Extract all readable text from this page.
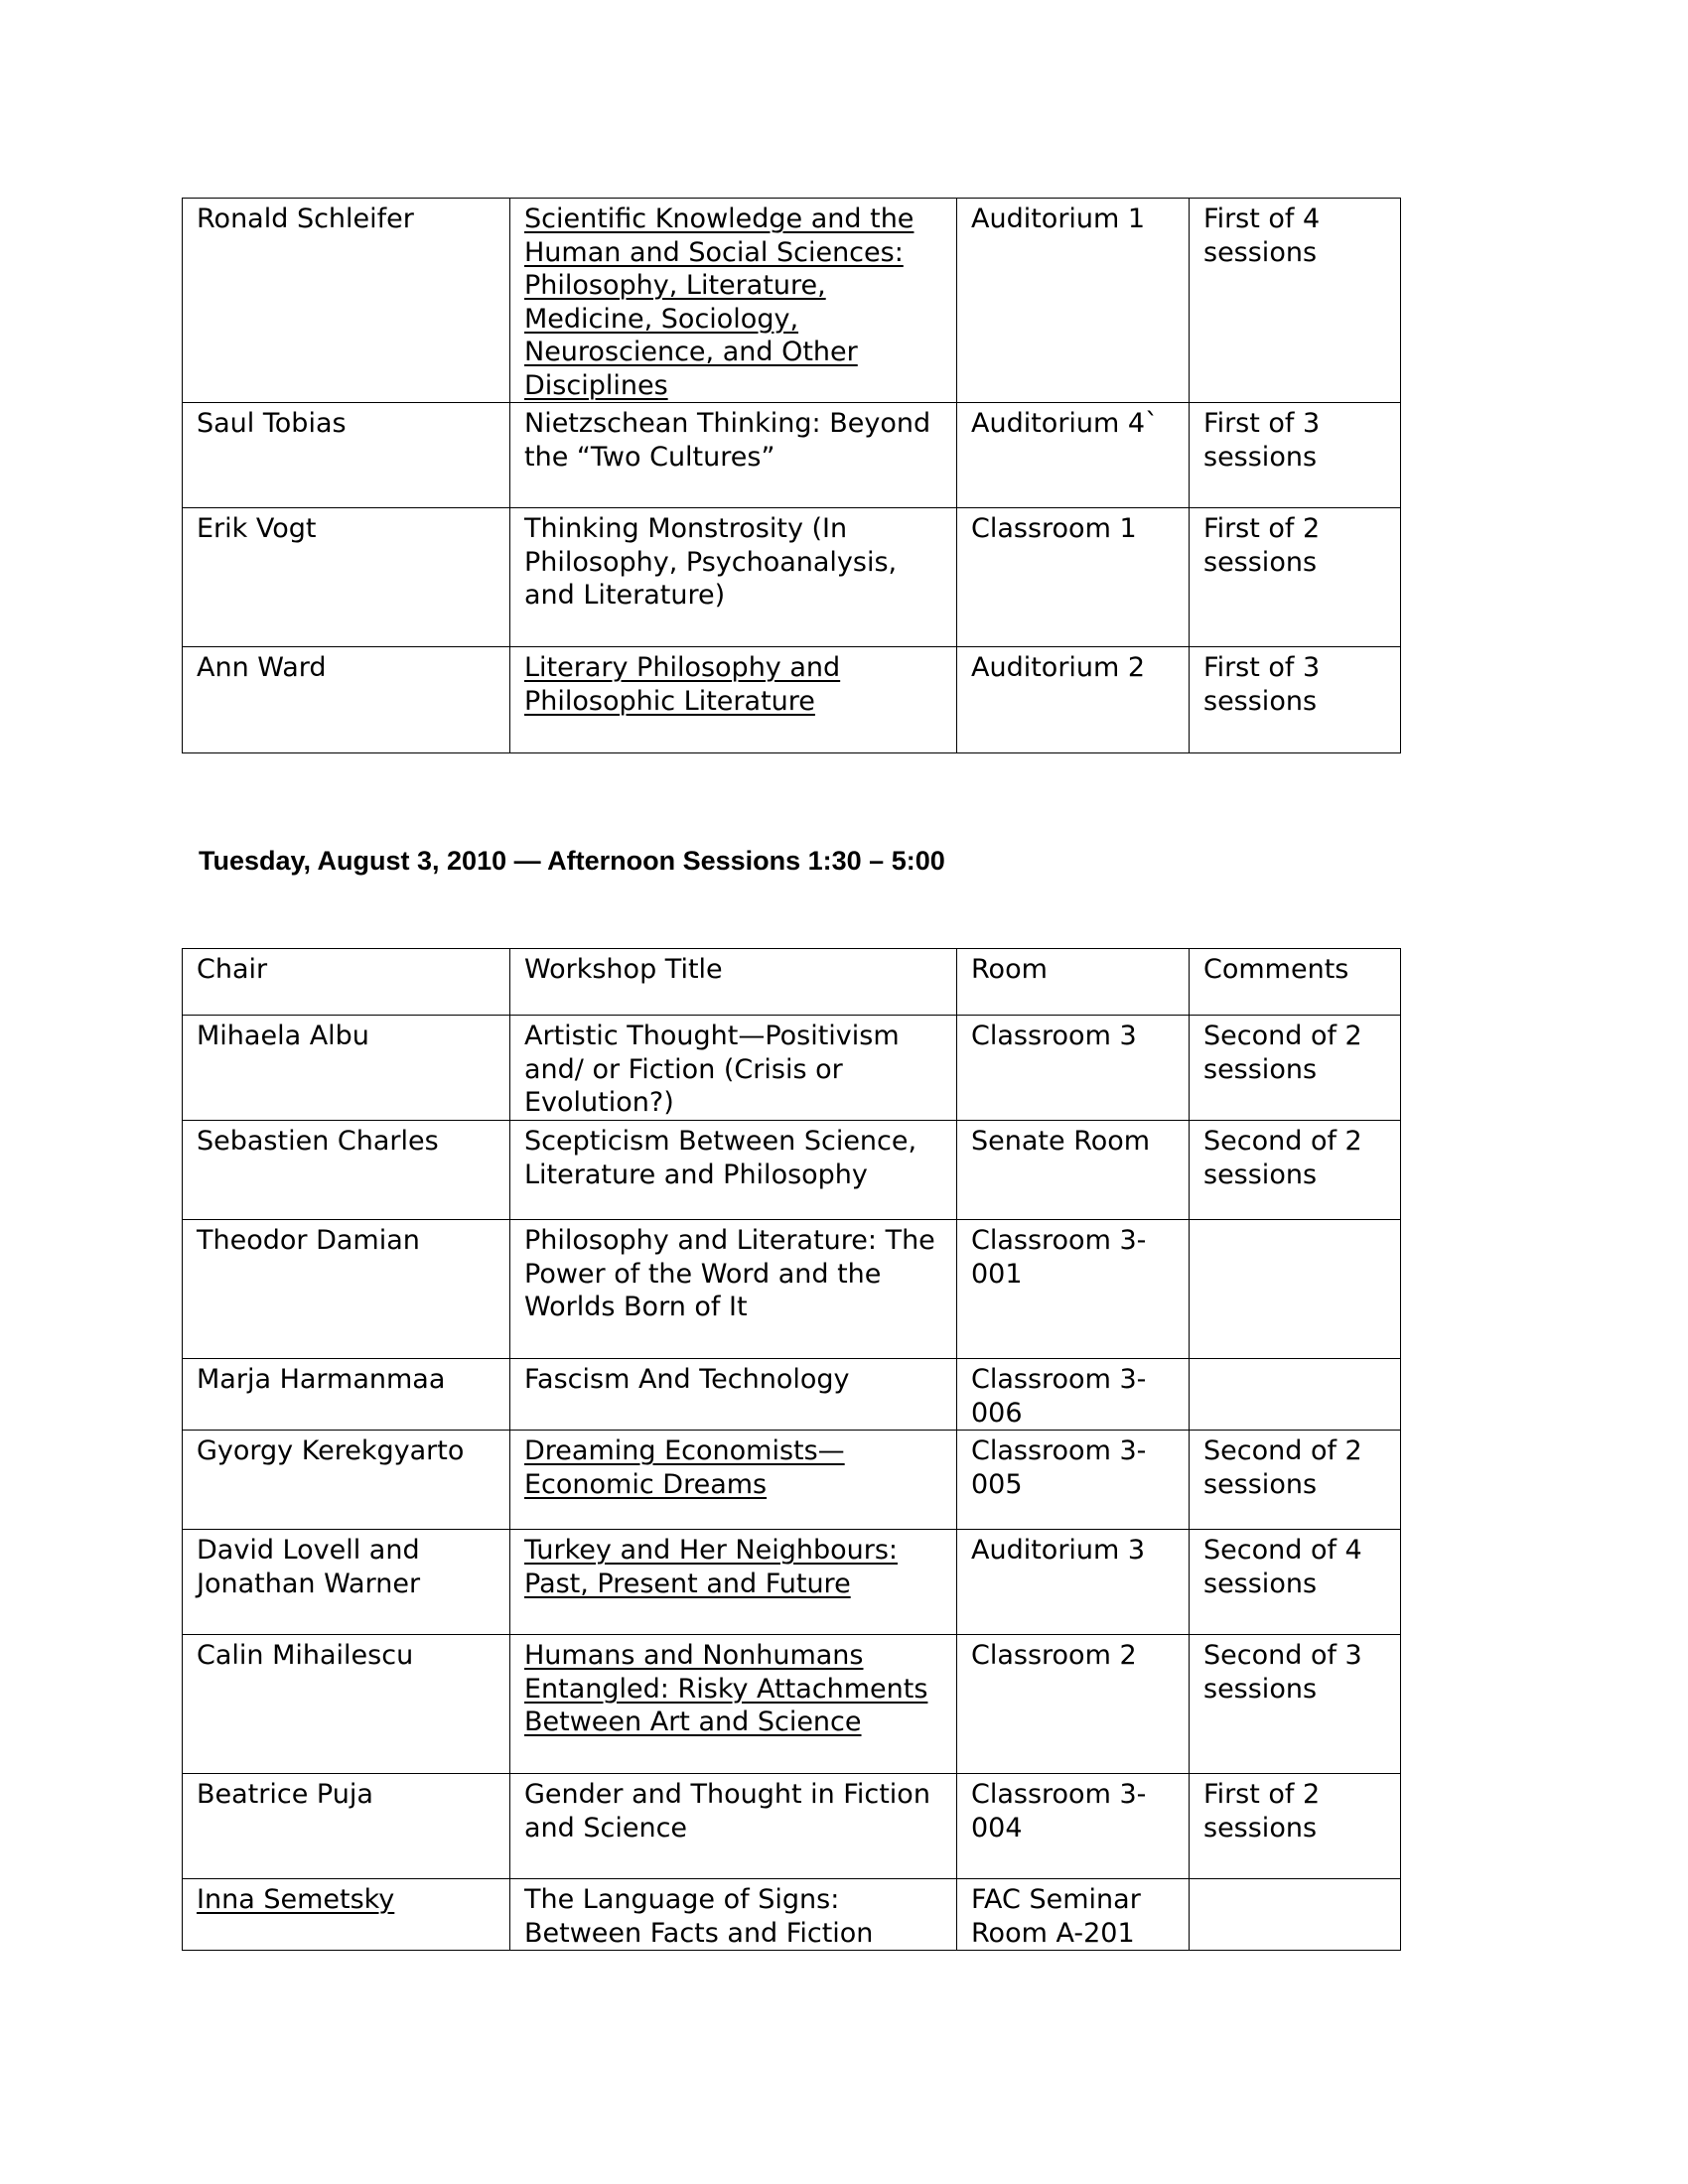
Ronald Schleifer	Scientific Knowledge and the Human and Social Sciences: Philosophy, Literature, Medicine, Sociology, Neuroscience, and Other Disciplines	Auditorium 1	First of 4 sessions
Saul Tobias	Nietzschean Thinking: Beyond the “Two Cultures”	Auditorium 4`	First of 3 sessions
Erik Vogt	Thinking Monstrosity (In Philosophy, Psychoanalysis, and Literature)	Classroom 1	First of 2 sessions
Ann Ward	Literary Philosophy and Philosophic Literature	Auditorium 2	First of 3 sessions
Tuesday, August 3, 2010 — Afternoon Sessions 1:30 – 5:00
Chair	Workshop Title	Room	Comments
Mihaela Albu	Artistic Thought—Positivism and/ or Fiction (Crisis or Evolution?)	Classroom 3	Second of 2 sessions
Sebastien Charles	Scepticism Between Science, Literature and Philosophy	Senate Room	Second of 2 sessions
Theodor Damian	Philosophy and Literature: The Power of the Word and the Worlds Born of It	Classroom 3-001	
Marja Harmanmaa	Fascism And Technology	Classroom 3-006	
Gyorgy Kerekgyarto	Dreaming Economists—Economic Dreams	Classroom 3-005	Second of 2 sessions
David Lovell and Jonathan Warner	Turkey and Her Neighbours: Past, Present and Future	Auditorium 3	Second of 4 sessions
Calin Mihailescu	Humans and Nonhumans Entangled: Risky Attachments Between Art and Science	Classroom 2	Second of 3 sessions
Beatrice Puja	Gender and Thought in Fiction and Science	Classroom 3-004	First of 2 sessions
Inna Semetsky	The Language of Signs: Between Facts and Fiction	FAC Seminar Room A-201	
